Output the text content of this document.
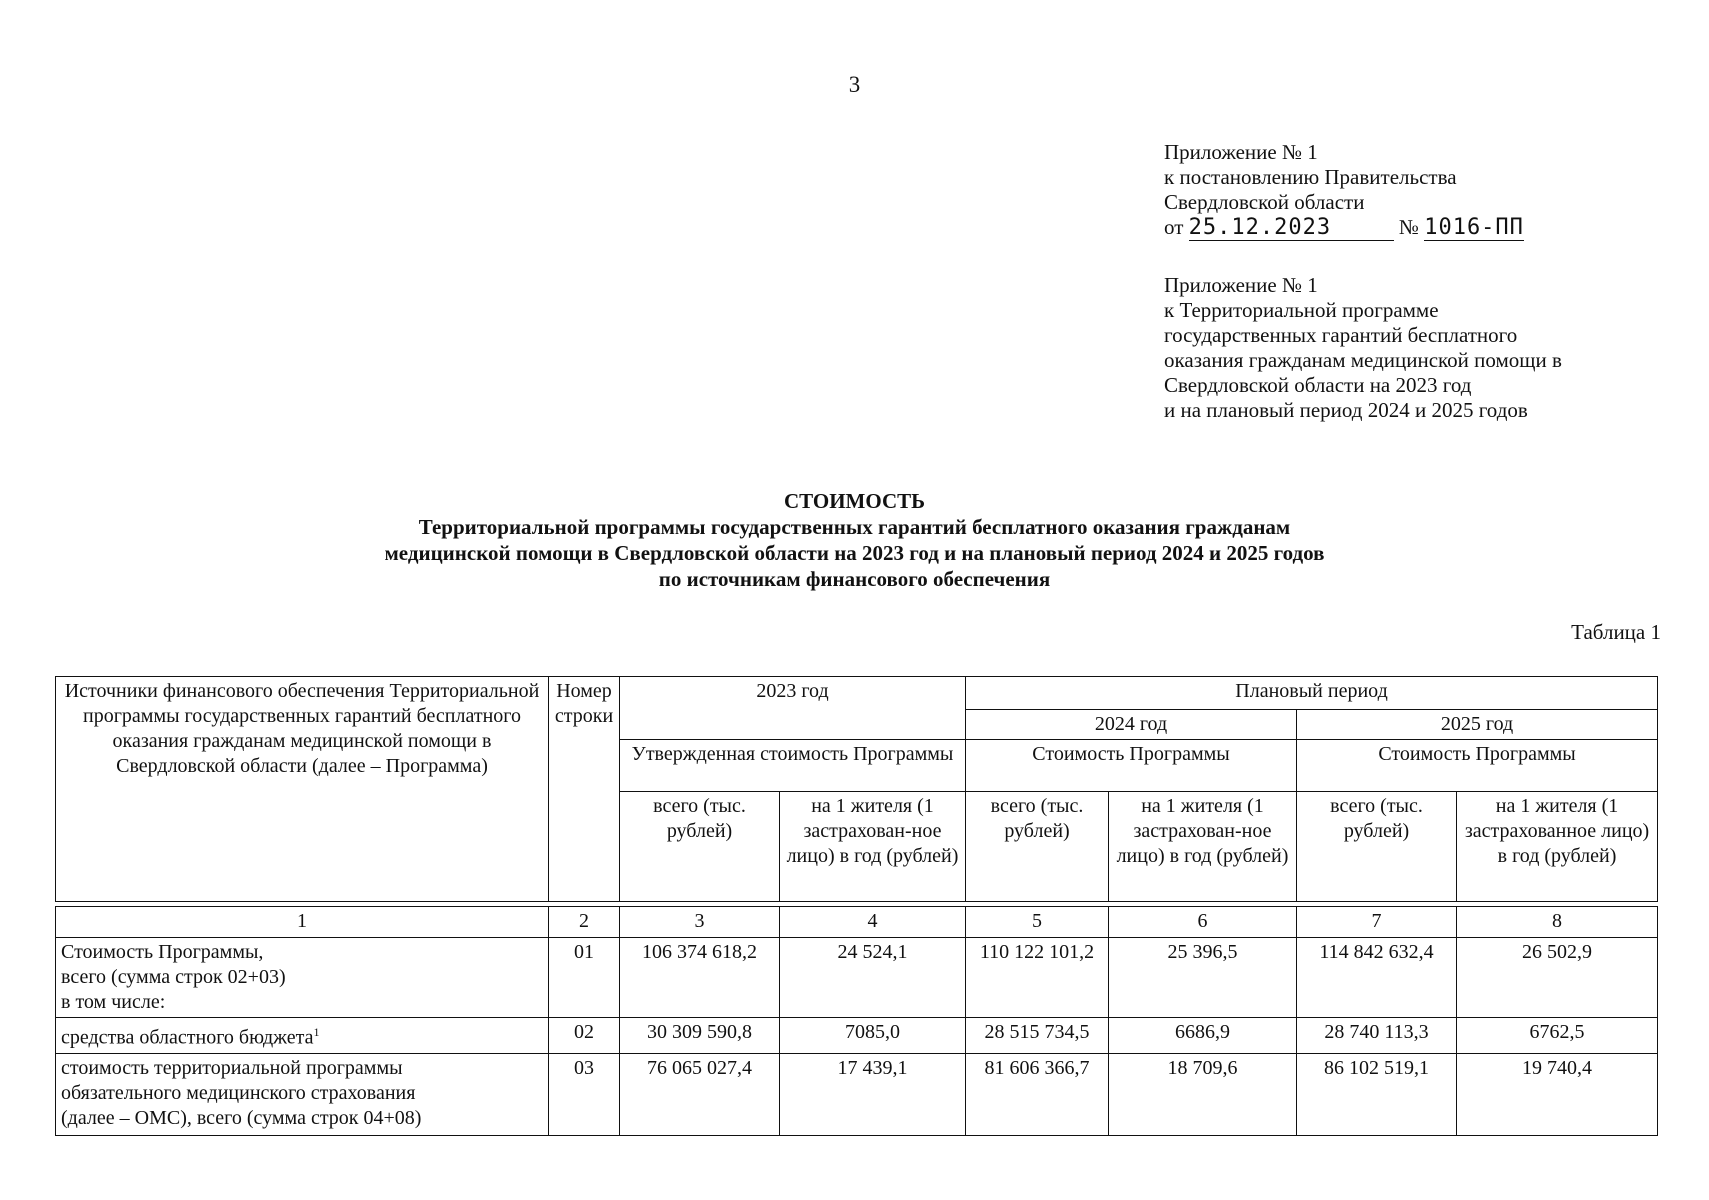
3
Приложение № 1
к постановлению Правительства
Свердловской области
от 25.12.2023	№ 1016-ПП
Приложение № 1
к Территориальной программе
государственных гарантий бесплатного
оказания гражданам медицинской помощи в
Свердловской области на 2023 год
и на плановый период 2024 и 2025 годов
СТОИМОСТЬ
Территориальной программы государственных гарантий бесплатного оказания гражданам
медицинской помощи в Свердловской области на 2023 год и на плановый период 2024 и 2025 годов
по источникам финансового обеспечения
Таблица 1
Источники финансового обеспечения Территориальной программы государственных гарантий бесплатного оказания гражданам медицинской помощи в Свердловской области (далее – Программа)	Номер строки	2023 год		Плановый период			
				2024 год		2025 год	
		Утвержденная стоимость Программы		Стоимость Программы		Стоимость Программы	
		всего (тыс. рублей)	на 1 жителя (1 застрахован-ное лицо) в год (рублей)	всего (тыс. рублей)	на 1 жителя (1 застрахован-ное лицо) в год (рублей)	всего (тыс. рублей)	на 1 жителя (1 застрахованное лицо) в год (рублей)
1	2	3	4	5	6	7	8

Стоимость Программы,
всего (сумма строк 02+03)
в том числе:	01	106 374 618,2	24 524,1	110 122 101,2	25 396,5	114 842 632,4	26 502,9
средства областного бюджета$^1$	02	30 309 590,8	7085,0	28 515 734,5	6686,9	28 740 113,3	6762,5

стоимость территориальной программы
обязательного медицинского страхования
(далее – ОМС), всего (сумма строк 04+08)	03	76 065 027,4	17 439,1	81 606 366,7	18 709,6	86 102 519,1	19 740,4
